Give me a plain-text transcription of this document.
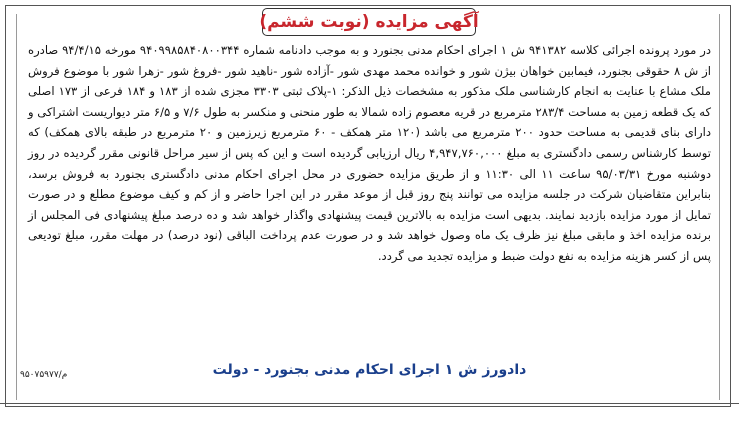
آگهی مزایده (نوبت ششم)

در مورد پرونده اجرائی کلاسه ۹۴۱۳۸۲ ش ۱ اجرای احکام مدنی بجنورد و به موجب دادنامه شماره ۹۴۰۹۹۸۵۸۴۰۸۰۰۳۴۴ مورخه ۹۴/۴/۱۵ صادره از ش ۸ حقوقی بجنورد، فیمابین خواهان بیژن شور و خوانده محمد مهدی شور -آزاده شور -ناهید شور -فروغ شور -زهرا شور با موضوع فروش ملک مشاع با عنایت به انجام کارشناسی ملک مذکور به مشخصات ذیل الذکر: ۱-پلاک ثبتی ۳۳۰۳ مجزی شده از ۱۸۳ و ۱۸۴ فرعی از ۱۷۳ اصلی که یک قطعه زمین به مساحت ۲۸۳/۴ مترمربع در قریه معصوم زاده شمالا به طور منحنی و منکسر به طول ۷/۶ و ۶/۵ متر دیواریست اشتراکی و دارای بنای قدیمی به مساحت حدود ۲۰۰ مترمربع می باشد (۱۲۰ متر همکف - ۶۰ مترمربع زیرزمین و ۲۰ مترمربع در طبقه بالای همکف) که توسط کارشناس رسمی دادگستری به مبلغ ۴,۹۴۷,۷۶۰,۰۰۰ ریال ارزیابی گردیده است و این که پس از سیر مراحل قانونی مقرر گردیده در روز دوشنبه مورخ ۹۵/۰۳/۳۱ ساعت ۱۱ الی ۱۱:۳۰ و از طریق مزایده حضوری در محل اجرای احکام مدنی دادگستری بجنورد به فروش برسد، بنابراین متقاضیان شرکت در جلسه مزایده می توانند پنج روز قبل از موعد مقرر در این اجرا حاضر و از کم و کیف موضوع مطلع و در صورت تمایل از مورد مزایده بازدید نمایند. بدیهی است مزایده به بالاترین قیمت پیشنهادی واگذار خواهد شد و ده درصد مبلغ پیشنهادی فی المجلس از برنده مزایده اخذ و مابقی مبلغ نیز ظرف یک ماه وصول خواهد شد و در صورت عدم پرداخت الباقی (نود درصد) در مهلت مقرر، مبلغ تودیعی پس از کسر هزینه مزایده به نفع دولت ضبط و مزایده تجدید می گردد.

دادورز ش ۱ اجرای احکام مدنی بجنورد - دولت
۹۵۰۷۵۹۷۷/م
